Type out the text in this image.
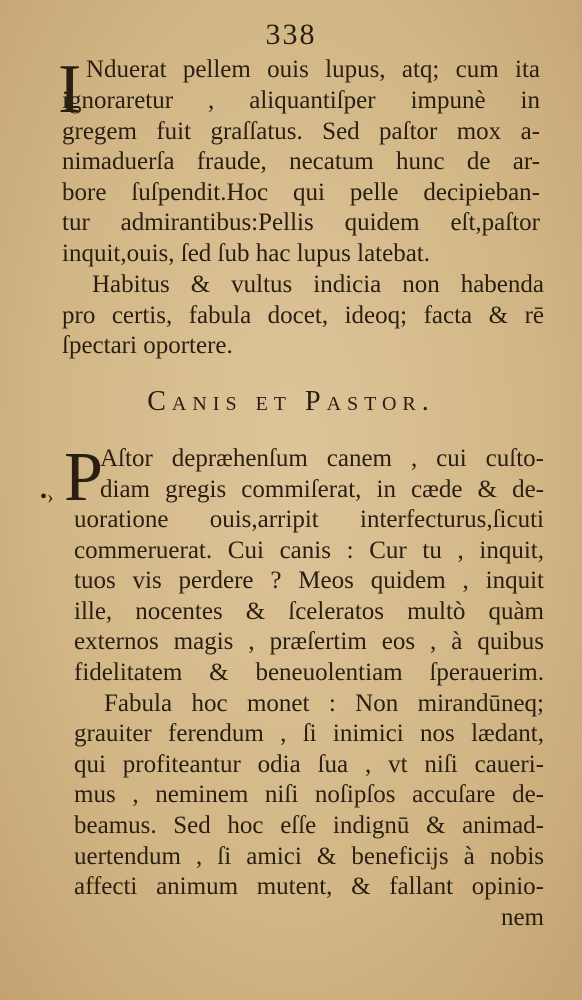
338
I Nduerat pellem ouis lupus, atq; cum ita
ignoraretur , aliquantiſper impunè in
gregem fuit graſſatus. Sed paſtor mox a-
nimaduerſa fraude, necatum hunc de ar-
bore ſuſpendit.Hoc qui pelle decipieban-
tur admirantibus:Pellis quidem eſt,paſtor
inquit,ouis, ſed ſub hac lupus latebat.
Habitus & vultus indicia non habenda
pro certis, fabula docet, ideoq; facta & rē
ſpectari oportere.
Canis et Pastor.
•› P
Aſtor depræhenſum canem , cui cuſto-
diam gregis commiſerat, in cæde & de-
uoratione ouis,arripit interfecturus,ſicuti
commeruerat. Cui canis : Cur tu , inquit,
tuos vis perdere ? Meos quidem , inquit
ille, nocentes & ſceleratos multò quàm
externos magis , præſertim eos , à quibus
fidelitatem & beneuolentiam ſperauerim.
Fabula hoc monet : Non mirandūneq;
grauiter ferendum , ſi inimici nos lædant,
qui profiteantur odia ſua , vt niſi caueri-
mus , neminem niſi noſipſos accuſare de-
beamus. Sed hoc eſſe indignū & animad-
uertendum , ſi amici & beneficijs à nobis
affecti animum mutent, & fallant opinio-
nem
